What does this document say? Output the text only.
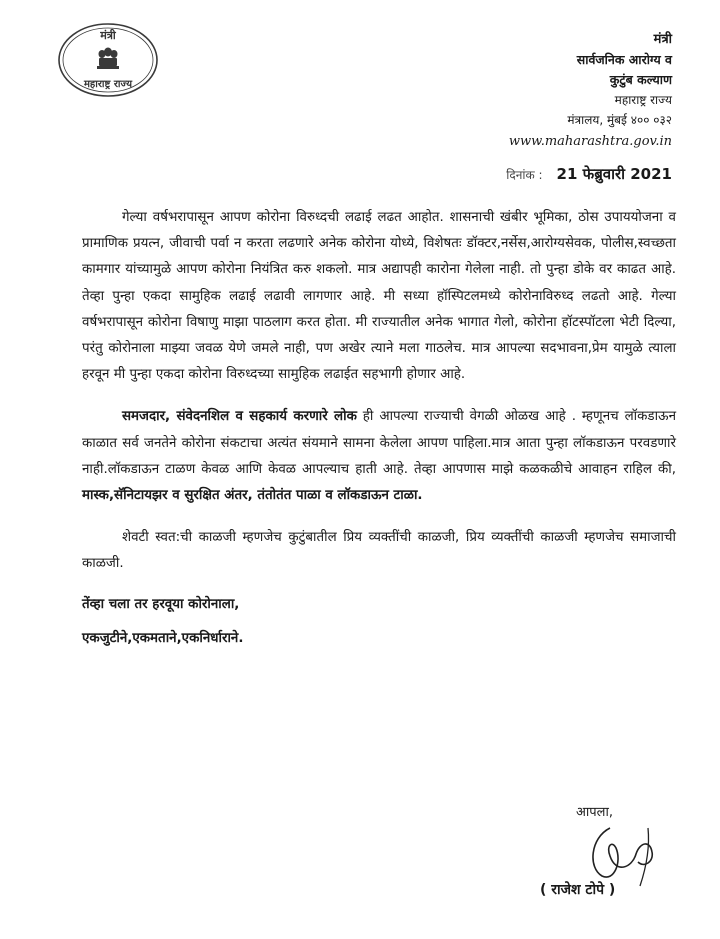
मंत्री
महाराष्ट्र राज्य
मंत्री
सार्वजनिक आरोग्य व
कुटुंब कल्याण
महाराष्ट्र राज्य
मंत्रालय, मुंबई ४०० ०३२
www.maharashtra.gov.in
दिनांक : 21 फेब्रुवारी 2021

गेल्या वर्षभरापासून आपण कोरोना विरुध्दची लढाई लढत आहोत. शासनाची खंबीर भूमिका, ठोस उपाययोजना व प्रामाणिक प्रयत्न, जीवाची पर्वा न करता लढणारे अनेक कोरोना योध्ये, विशेषतः डॉक्टर,नर्सेस,आरोग्यसेवक, पोलीस,स्वच्छता कामगार यांच्यामुळे आपण कोरोना नियंत्रित करु शकलो. मात्र अद्यापही कारोना गेलेला नाही. तो पुन्हा डोके वर काढत आहे. तेव्हा पुन्हा एकदा सामुहिक लढाई लढावी लागणार आहे. मी सध्या हॉस्पिटलमध्ये कोरोनाविरुध्द लढतो आहे. गेल्या वर्षभरापासून कोरोना विषाणु माझा पाठलाग करत होता. मी राज्यातील अनेक भागात गेलो, कोरोना हॉटस्पॉटला भेटी दिल्या, परंतु कोरोनाला माझ्या जवळ येणे जमले नाही, पण अखेर त्याने मला गाठलेच. मात्र आपल्या सदभावना,प्रेम यामुळे त्याला हरवून मी पुन्हा एकदा कोरोना विरुध्दच्या सामुहिक लढाईत सहभागी होणार आहे.

समजदार, संवेदनशिल व सहकार्य करणारे लोक ही आपल्या राज्याची वेगळी ओळख आहे . म्हणूनच लॉकडाऊन काळात सर्व जनतेने कोरोना संकटाचा अत्यंत संयमाने सामना केलेला आपण पाहिला.मात्र आता पुन्हा लॉकडाऊन परवडणारे नाही.लॉकडाऊन टाळण केवळ आणि केवळ आपल्याच हाती आहे. तेव्हा आपणास माझे कळकळीचे आवाहन राहिल की, मास्क,सॅनिटायझर व सुरक्षित अंतर, तंतोतंत पाळा व लॉकडाऊन टाळा.

शेवटी स्वत:ची काळजी म्हणजेच कुटुंबातील प्रिय व्यक्तींची काळजी, प्रिय व्यक्तींची काळजी म्हणजेच समाजाची काळजी.

तेंव्हा चला तर हरवूया कोरोनाला,

एकजुटीने,एकमताने,एकनिर्धाराने.

आपला,
( राजेश टोपे )
